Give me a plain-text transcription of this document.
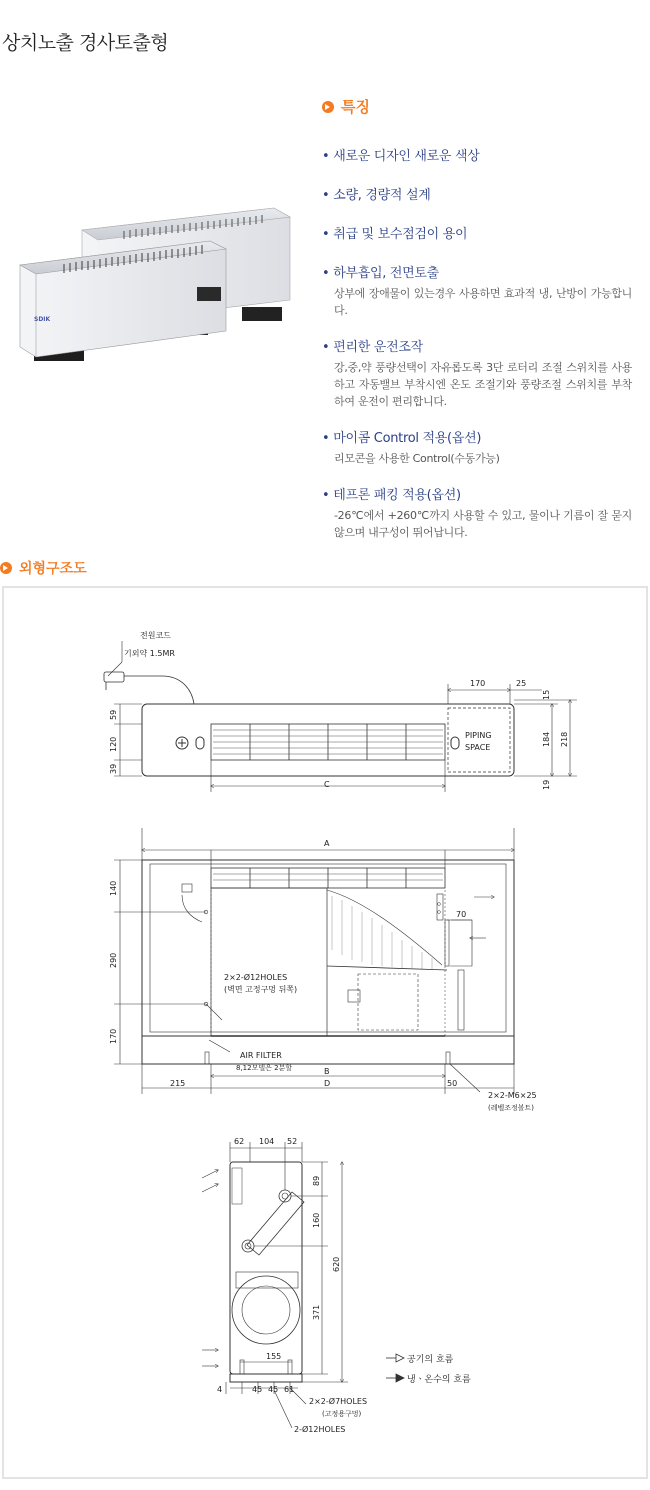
상치노출 경사토출형
SDIK
특징
• 새로운 디자인 새로운 색상
• 소량, 경량적 설계
• 취급 및 보수점검이 용이
• 하부흡입, 전면토출
상부에 장애물이 있는경우 사용하면 효과적 냉, 난방이 가능합니다.
• 편리한 운전조작
강,중,약 풍량선택이 자유롭도록 3단 로터리 조절 스위치를 사용하고 자동밸브 부착시엔 온도 조절기와 풍량조절 스위치를 부착하여 운전이 편리합니다.
• 마이콤 Control 적용(옵션)
리모콘을 사용한 Control(수동가능)
• 테프론 패킹 적용(옵션)
-26℃에서 +260℃까지 사용할 수 있고, 물이나 기름이 잘 묻지 않으며 내구성이 뛰어납니다.
외형구조도
전원코드
기외약 1.5MR
PIPING
SPACE
170	25
15
184 218
19
59
120
39
C
A
B
D
140
290
170
215	50
70
2×2-Ø12HOLES
(벽면 고정구멍 뒤쪽)
AIR FILTER
8,12모델은 2분할
2×2-M6×25
(레벨조정볼트)
62 104 52
89
160
620
371
155
4	45 45 61
2×2-Ø7HOLES
(고정용구멍)
2-Ø12HOLES
공기의 흐름
냉ㆍ온수의 흐름
